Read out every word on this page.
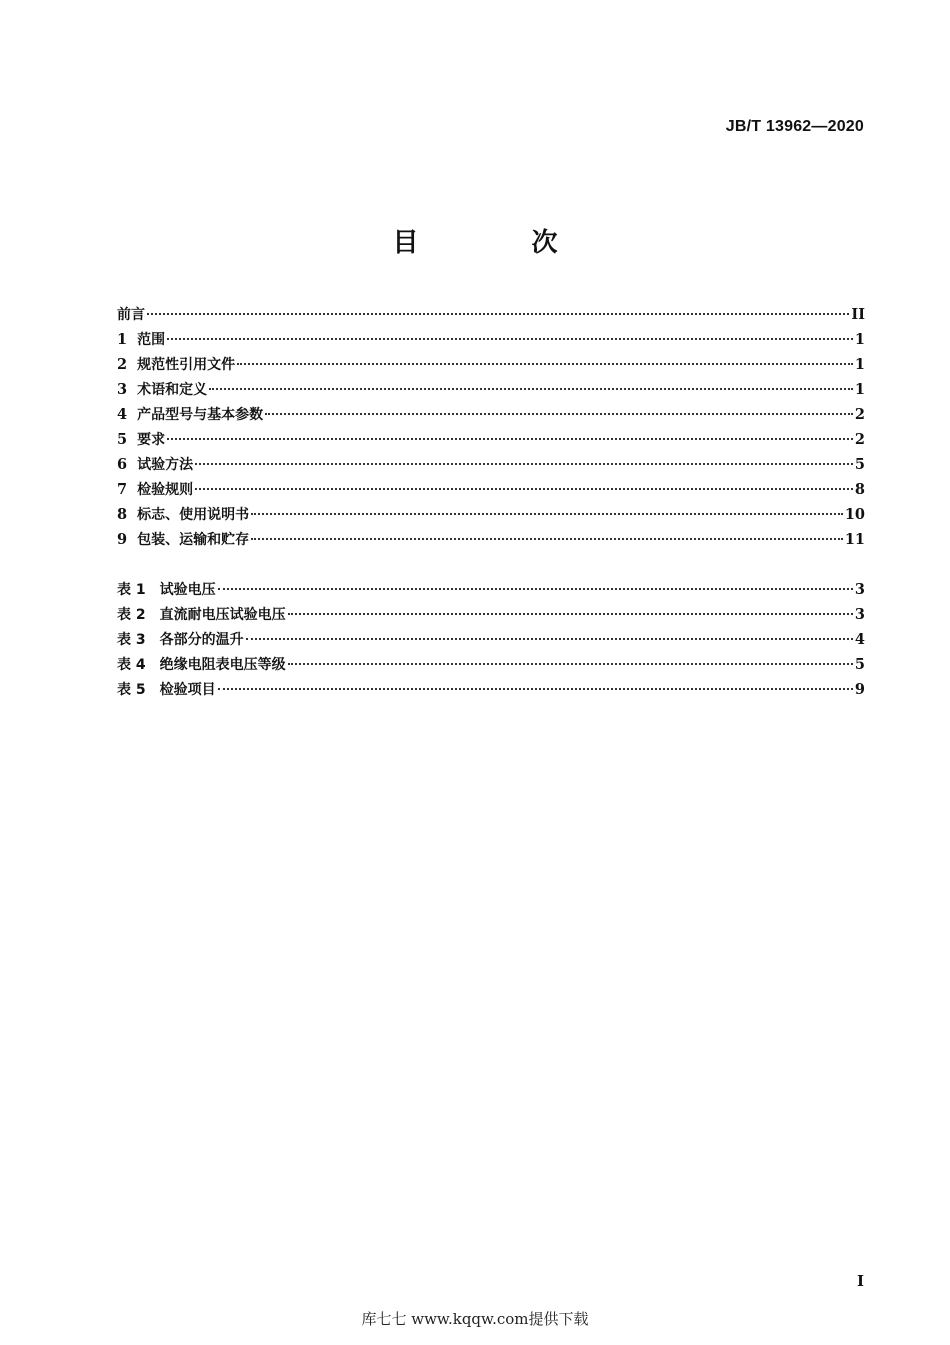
JB/T 13962—2020
目 次
前言	II
1 范围	1
2 规范性引用文件	1
3 术语和定义	1
4 产品型号与基本参数	2
5 要求	2
6 试验方法	5
7 检验规则	8
8 标志、使用说明书	10
9 包装、运输和贮存	11
表 1 试验电压	3
表 2 直流耐电压试验电压	3
表 3 各部分的温升	4
表 4 绝缘电阻表电压等级	5
表 5 检验项目	9
I
库七七 www.kqqw.com提供下载
